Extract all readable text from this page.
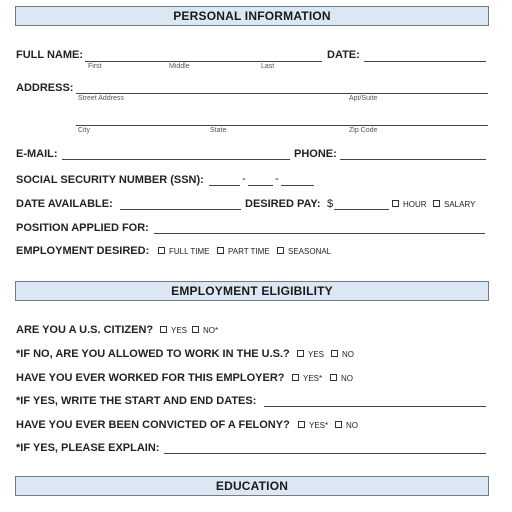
PERSONAL INFORMATION
FULL NAME:
First	Middle	Last
DATE:
ADDRESS:
Street Address	Apt/Suite
City	State	Zip Code
E-MAIL:	PHONE:
SOCIAL SECURITY NUMBER (SSN):	-	-
DATE AVAILABLE:	DESIRED PAY: $	HOUR SALARY
POSITION APPLIED FOR:
EMPLOYMENT DESIRED: FULL TIME PART TIME SEASONAL
EMPLOYMENT ELIGIBILITY
ARE YOU A U.S. CITIZEN? YES NO*
*IF NO, ARE YOU ALLOWED TO WORK IN THE U.S.? YES NO
HAVE YOU EVER WORKED FOR THIS EMPLOYER? YES* NO
*IF YES, WRITE THE START AND END DATES:
HAVE YOU EVER BEEN CONVICTED OF A FELONY? YES* NO
*IF YES, PLEASE EXPLAIN:
EDUCATION
